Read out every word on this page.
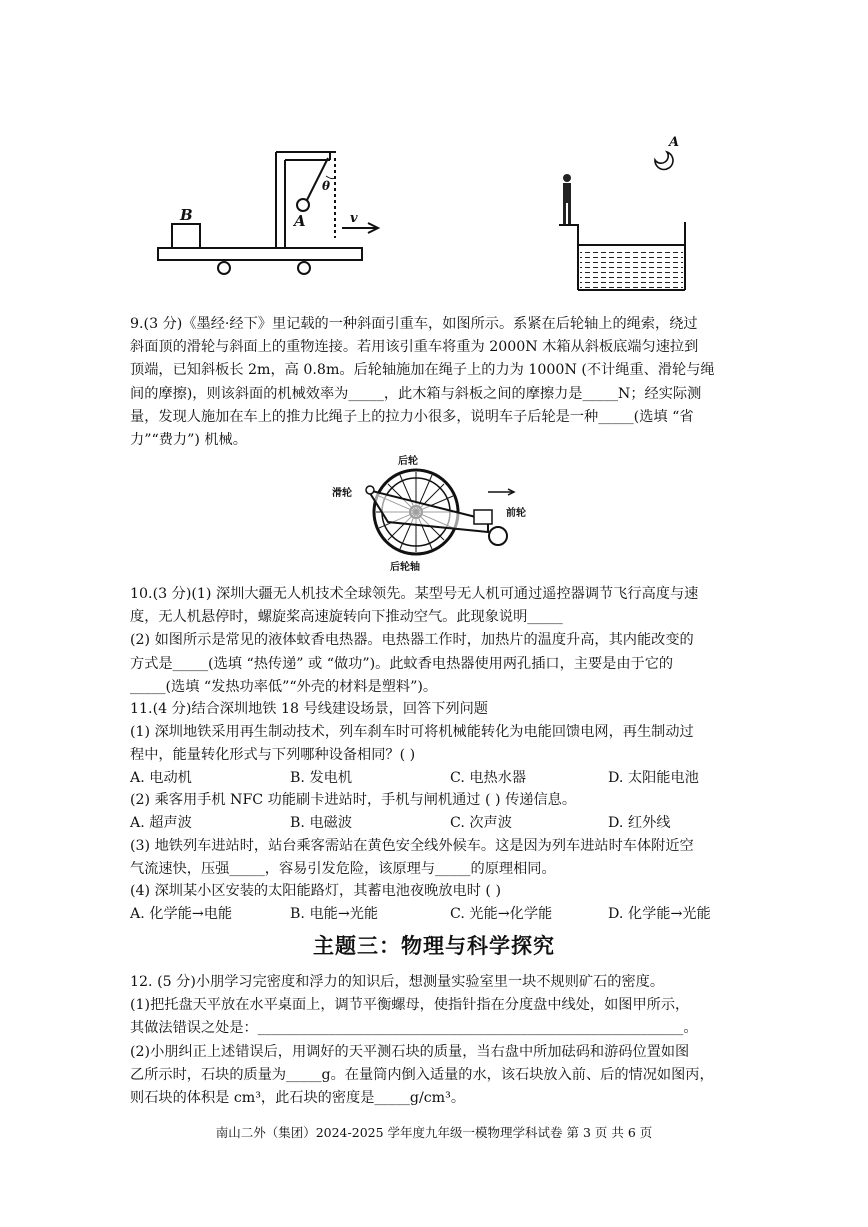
B	A
θ
v
A
9.(3 分)《墨经·经下》里记载的一种斜面引重车，如图所示。系紧在后轮轴上的绳索，绕过
斜面顶的滑轮与斜面上的重物连接。若用该引重车将重为 2000N 木箱从斜板底端匀速拉到
顶端，已知斜板长 2m，高 0.8m。后轮轴施加在绳子上的力为 1000N (不计绳重、滑轮与绳
间的摩擦)，则该斜面的机械效率为_____，此木箱与斜板之间的摩擦力是_____N；经实际测
量，发现人施加在车上的推力比绳子上的拉力小很多，说明车子后轮是一种_____(选填 “省
力”“费力”) 机械。
后轮
滑轮
前轮
后轮轴
10.(3 分)(1) 深圳大疆无人机技术全球领先。某型号无人机可通过遥控器调节飞行高度与速
度，无人机悬停时，螺旋桨高速旋转向下推动空气。此现象说明_____
(2) 如图所示是常见的液体蚊香电热器。电热器工作时，加热片的温度升高，其内能改变的
方式是_____(选填 “热传递” 或 “做功”)。此蚊香电热器使用两孔插口，主要是由于它的
_____(选填 “发热功率低”“外壳的材料是塑料”)。
11.(4 分)结合深圳地铁 18 号线建设场景，回答下列问题
(1) 深圳地铁采用再生制动技术，列车刹车时可将机械能转化为电能回馈电网，再生制动过
程中，能量转化形式与下列哪种设备相同？( )
A. 电动机	B. 发电机	C. 电热水器	D. 太阳能电池
(2) 乘客用手机 NFC 功能刷卡进站时，手机与闸机通过 ( ) 传递信息。
A. 超声波	B. 电磁波	C. 次声波	D. 红外线
(3) 地铁列车进站时，站台乘客需站在黄色安全线外候车。这是因为列车进站时车体附近空
气流速快，压强_____，容易引发危险，该原理与_____的原理相同。
(4) 深圳某小区安装的太阳能路灯，其蓄电池夜晚放电时 ( )
A. 化学能→电能	B. 电能→光能	C. 光能→化学能	D. 化学能→光能
主题三：物理与科学探究
12. (5 分)小朋学习完密度和浮力的知识后，想测量实验室里一块不规则矿石的密度。
(1)把托盘天平放在水平桌面上，调节平衡螺母，使指针指在分度盘中线处，如图甲所示，
其做法错误之处是：____________________________________________________________。
(2)小朋纠正上述错误后，用调好的天平测石块的质量，当右盘中所加砝码和游码位置如图
乙所示时，石块的质量为_____g。在量筒内倒入适量的水，该石块放入前、后的情况如图丙，
则石块的体积是 cm³，此石块的密度是_____g/cm³。
南山二外（集团）2024-2025 学年度九年级一模物理学科试卷 第 3 页 共 6 页
